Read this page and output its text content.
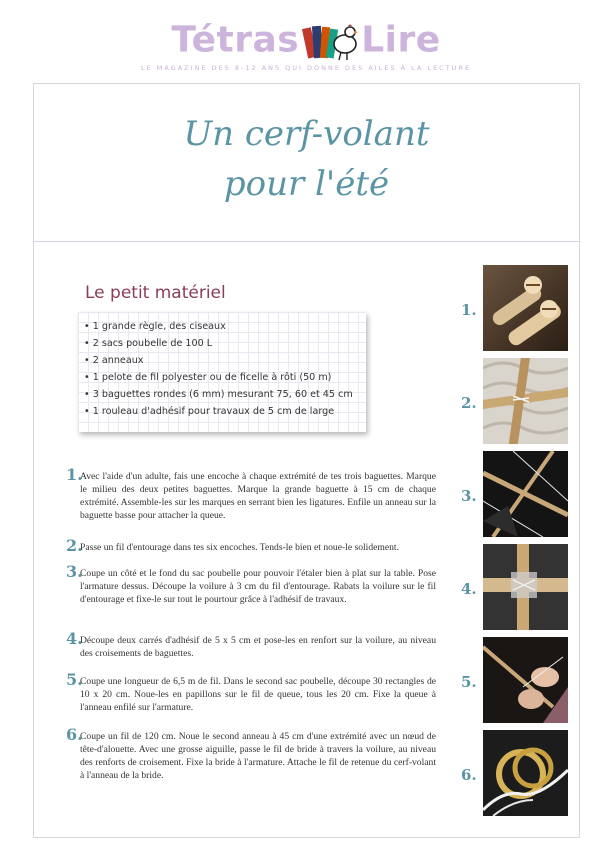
Tétras Lire
LE MAGAZINE DES 8-12 ANS QUI DONNE DES AILES À LA LECTURE
Un cerf-volant
pour l'été
Le petit matériel
• 1 grande règle, des ciseaux
• 2 sacs poubelle de 100 L
• 2 anneaux
• 1 pelote de fil polyester ou de ficelle à rôti (50 m)
• 3 baguettes rondes (6 mm) mesurant 75, 60 et 45 cm
• 1 rouleau d'adhésif pour travaux de 5 cm de large
1.

Avec l'aide d'un adulte, fais une encoche à chaque extrémité de tes trois baguettes. Marque le milieu des deux petites baguettes. Marque la grande baguette à 15 cm de chaque extrémité. Assemble-les sur les marques en serrant bien les ligatures. Enfile un anneau sur la baguette basse pour attacher la queue.

2.

Passe un fil d'entourage dans tes six encoches. Tends-le bien et noue-le solidement.

3.

Coupe un côté et le fond du sac poubelle pour pouvoir l'étaler bien à plat sur la table. Pose l'armature dessus. Découpe la voilure à 3 cm du fil d'entourage. Rabats la voilure sur le fil d'entourage et fixe-le sur tout le pourtour grâce à l'adhésif de travaux.

4.

Découpe deux carrés d'adhésif de 5 x 5 cm et pose-les en renfort sur la voilure, au niveau des croisements de baguettes.

5.

Coupe une longueur de 6,5 m de fil. Dans le second sac poubelle, découpe 30 rectangles de 10 x 20 cm. Noue-les en papillons sur le fil de queue, tous les 20 cm. Fixe la queue à l'anneau enfilé sur l'armature.

6.

Coupe un fil de 120 cm. Noue le second anneau à 45 cm d'une extrémité avec un nœud de tête-d'alouette. Avec une grosse aiguille, passe le fil de bride à travers la voilure, au niveau des renforts de croisement. Fixe la bride à l'armature. Attache le fil de retenue du cerf-volant à l'anneau de la bride.

1.
2.
3.
4.
5.
6.
